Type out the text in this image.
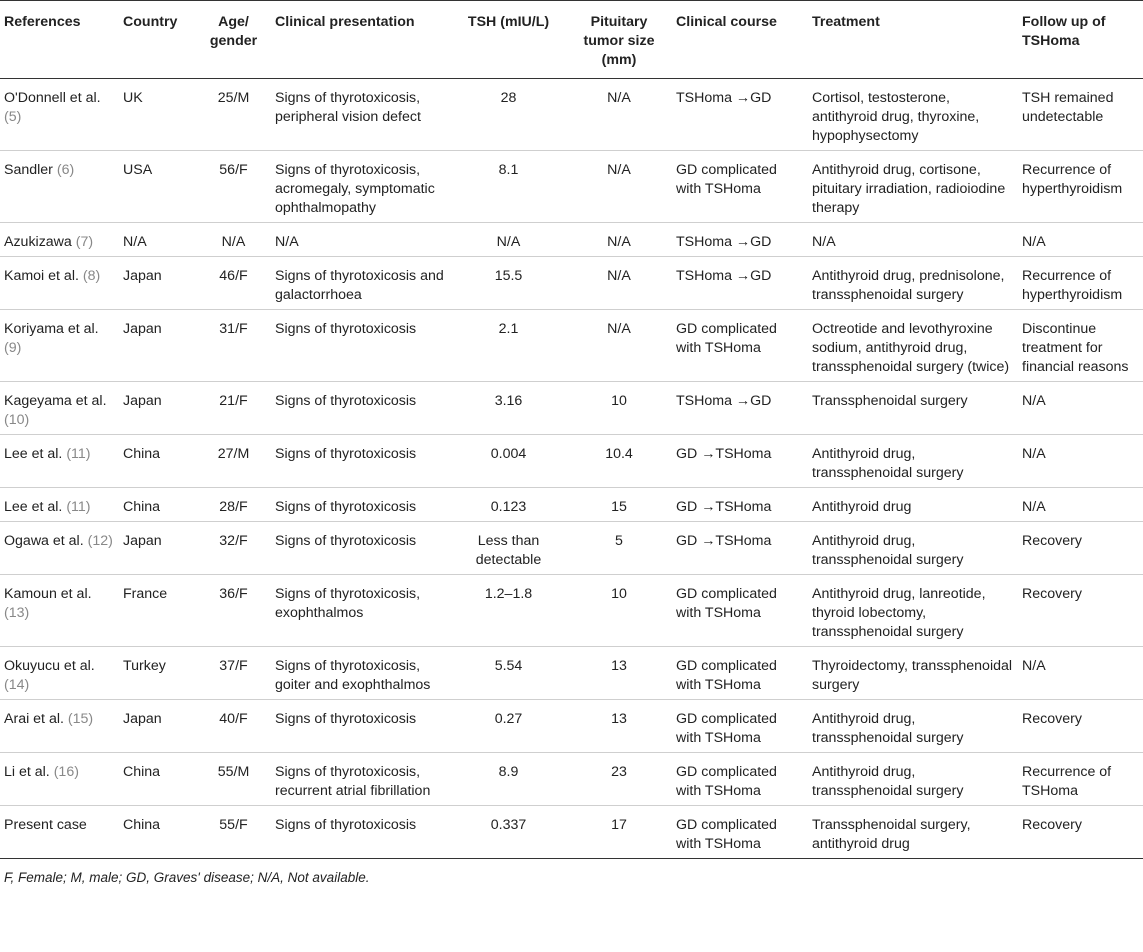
References	Country	Age/ gender	Clinical presentation	TSH (mIU/L)	Pituitary tumor size (mm)	Clinical course	Treatment	Follow up of TSHoma
O'Donnell et al. (5)	UK	25/M	Signs of thyrotoxicosis, peripheral vision defect	28	N/A	TSHoma →GD	Cortisol, testosterone, antithyroid drug, thyroxine, hypophysectomy	TSH remained undetectable
Sandler (6)	USA	56/F	Signs of thyrotoxicosis, acromegaly, symptomatic ophthalmopathy	8.1	N/A	GD complicated with TSHoma	Antithyroid drug, cortisone, pituitary irradiation, radioiodine therapy	Recurrence of hyperthyroidism
Azukizawa (7)	N/A	N/A	N/A	N/A	N/A	TSHoma →GD	N/A	N/A
Kamoi et al. (8)	Japan	46/F	Signs of thyrotoxicosis and galactorrhoea	15.5	N/A	TSHoma →GD	Antithyroid drug, prednisolone, transsphenoidal surgery	Recurrence of hyperthyroidism
Koriyama et al. (9)	Japan	31/F	Signs of thyrotoxicosis	2.1	N/A	GD complicated with TSHoma	Octreotide and levothyroxine sodium, antithyroid drug, transsphenoidal surgery (twice)	Discontinue treatment for financial reasons
Kageyama et al. (10)	Japan	21/F	Signs of thyrotoxicosis	3.16	10	TSHoma →GD	Transsphenoidal surgery	N/A
Lee et al. (11)	China	27/M	Signs of thyrotoxicosis	0.004	10.4	GD →TSHoma	Antithyroid drug, transsphenoidal surgery	N/A
Lee et al. (11)	China	28/F	Signs of thyrotoxicosis	0.123	15	GD →TSHoma	Antithyroid drug	N/A
Ogawa et al. (12)	Japan	32/F	Signs of thyrotoxicosis	Less than detectable	5	GD →TSHoma	Antithyroid drug, transsphenoidal surgery	Recovery
Kamoun et al. (13)	France	36/F	Signs of thyrotoxicosis, exophthalmos	1.2–1.8	10	GD complicated with TSHoma	Antithyroid drug, lanreotide, thyroid lobectomy, transsphenoidal surgery	Recovery
Okuyucu et al. (14)	Turkey	37/F	Signs of thyrotoxicosis, goiter and exophthalmos	5.54	13	GD complicated with TSHoma	Thyroidectomy, transsphenoidal surgery	N/A
Arai et al. (15)	Japan	40/F	Signs of thyrotoxicosis	0.27	13	GD complicated with TSHoma	Antithyroid drug, transsphenoidal surgery	Recovery
Li et al. (16)	China	55/M	Signs of thyrotoxicosis, recurrent atrial fibrillation	8.9	23	GD complicated with TSHoma	Antithyroid drug, transsphenoidal surgery	Recurrence of TSHoma
Present case	China	55/F	Signs of thyrotoxicosis	0.337	17	GD complicated with TSHoma	Transsphenoidal surgery, antithyroid drug	Recovery
F, Female; M, male; GD, Graves' disease; N/A, Not available.								
